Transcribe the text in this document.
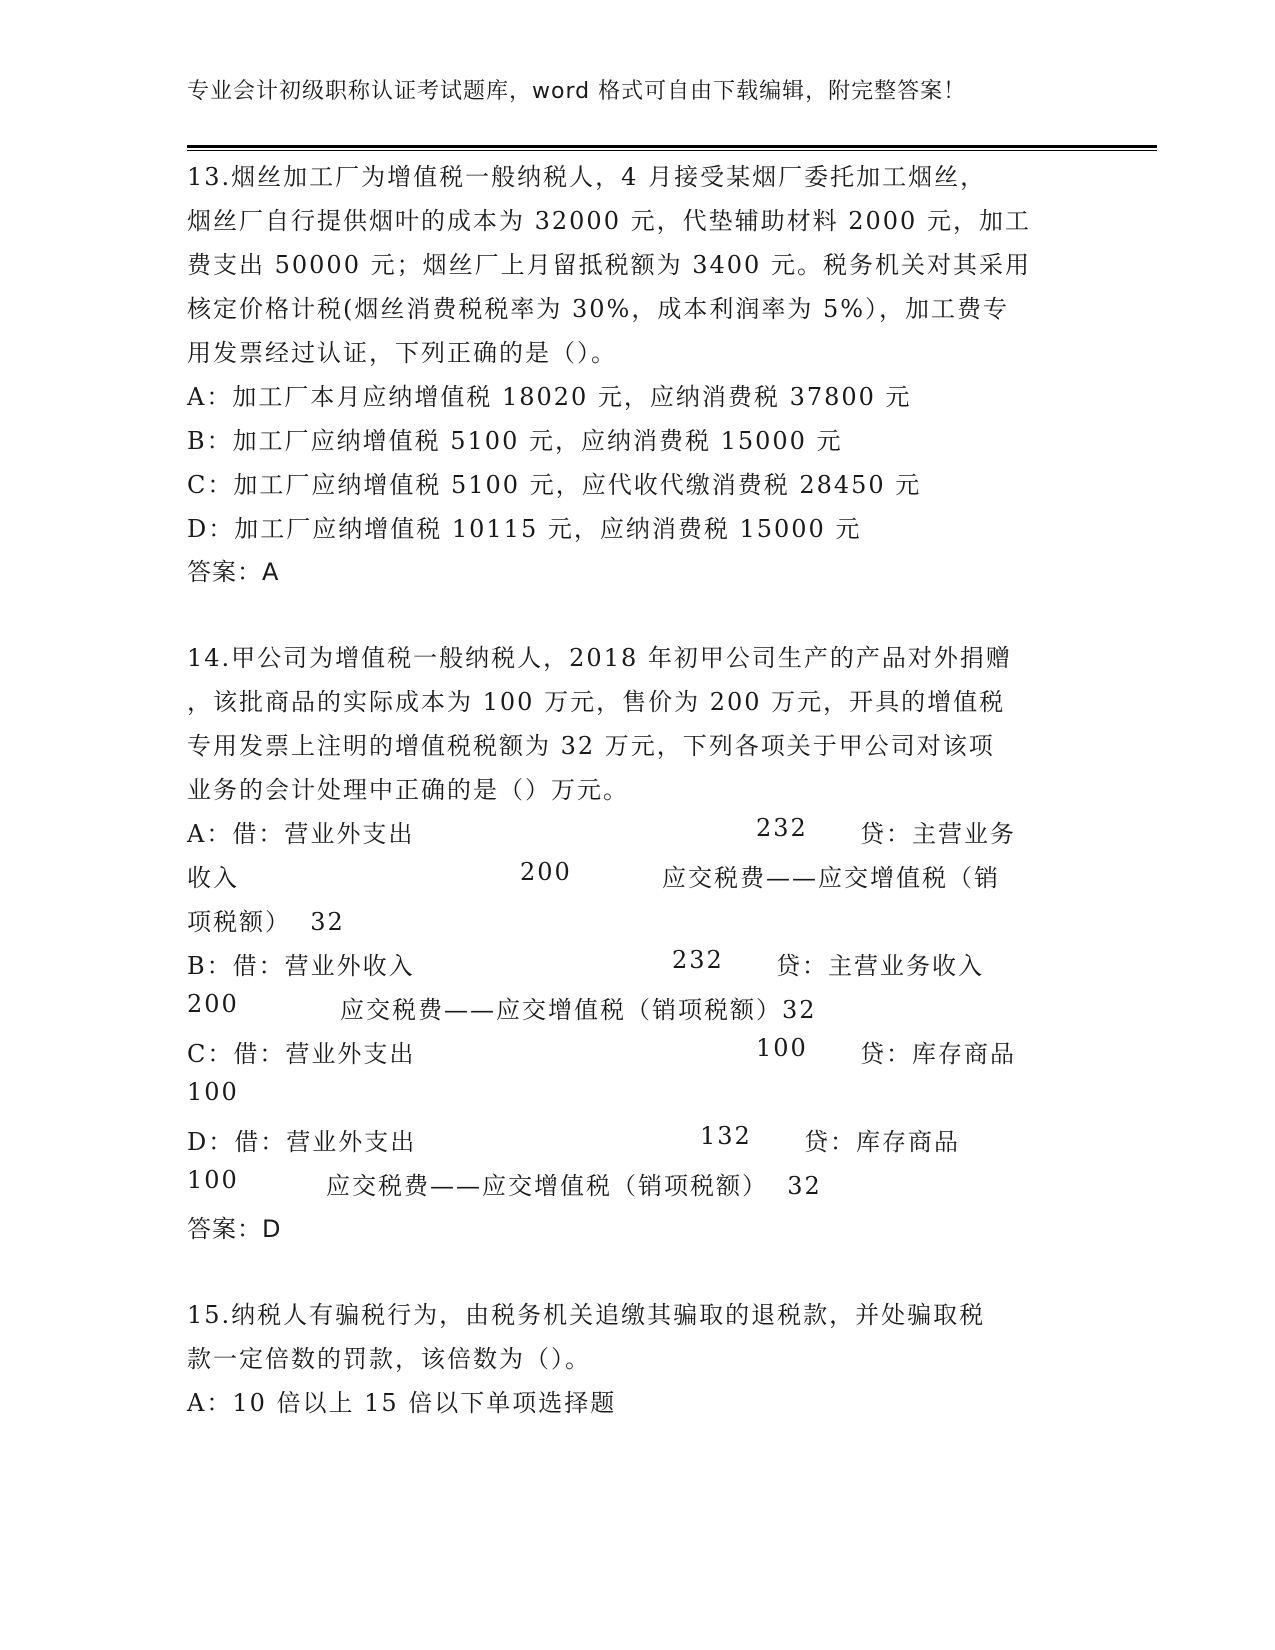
专业会计初级职称认证考试题库，word 格式可自由下载编辑，附完整答案！
13.烟丝加工厂为增值税一般纳税人，4 月接受某烟厂委托加工烟丝，
烟丝厂自行提供烟叶的成本为 32000 元，代垫辅助材料 2000 元，加工
费支出 50000 元；烟丝厂上月留抵税额为 3400 元。税务机关对其采用
核定价格计税(烟丝消费税税率为 30%，成本利润率为 5%），加工费专
用发票经过认证，下列正确的是（）。
A：加工厂本月应纳增值税 18020 元，应纳消费税 37800 元
B：加工厂应纳增值税 5100 元，应纳消费税 15000 元
C：加工厂应纳增值税 5100 元，应代收代缴消费税 28450 元
D：加工厂应纳增值税 10115 元，应纳消费税 15000 元
答案：A
14.甲公司为增值税一般纳税人，2018 年初甲公司生产的产品对外捐赠
，该批商品的实际成本为 100 万元，售价为 200 万元，开具的增值税
专用发票上注明的增值税税额为 32 万元，下列各项关于甲公司对该项
业务的会计处理中正确的是（）万元。
A：借：营业外支出	232 贷：主营业务
收入	200	应交税费——应交增值税（销
项税额）  32
B：借：营业外收入	232 贷：主营业务收入
200	应交税费——应交增值税（销项税额）32
C：借：营业外支出	100 贷：库存商品
100
D：借：营业外支出	132 贷：库存商品
100	应交税费——应交增值税（销项税额）  32
答案：D
15.纳税人有骗税行为，由税务机关追缴其骗取的退税款，并处骗取税
款一定倍数的罚款，该倍数为（）。
A：10 倍以上 15 倍以下单项选择题
